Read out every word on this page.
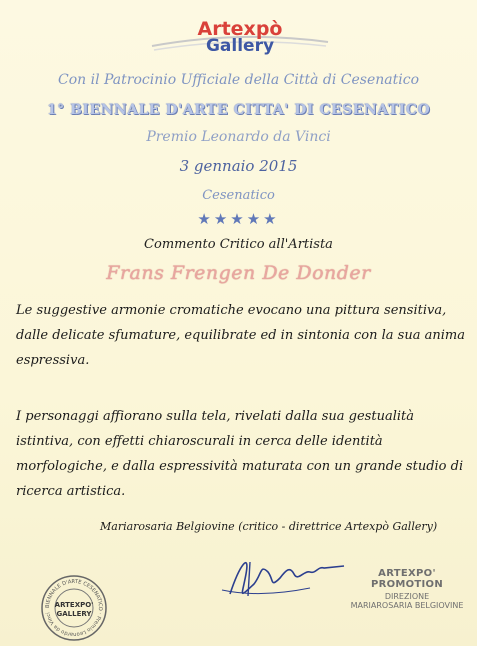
Artexpò
Gallery
Con il Patrocinio Ufficiale della Città di Cesenatico
1° BIENNALE D'ARTE CITTA' DI CESENATICO
Premio Leonardo da Vinci
3 gennaio 2015
Cesenatico
★★★★★
Commento Critico all'Artista
Frans Frengen De Donder
Le suggestive armonie cromatiche evocano una pittura sensitiva, dalle delicate sfumature, equilibrate ed in sintonia con la sua anima espressiva.
I personaggi affiorano sulla tela, rivelati dalla sua gestualità istintiva, con effetti chiaroscurali in cerca delle identità morfologiche, e dalla espressività maturata con un grande studio di ricerca artistica.
Mariarosaria Belgiovine (critico - direttrice Artexpò Gallery)
BIENNALE D'ARTE CESENATICO · Premio Leonardo da Vinci
ARTEXPO'
GALLERY
ARTEXPO' PROMOTION
DIREZIONE
MARIAROSARIA BELGIOVINE
